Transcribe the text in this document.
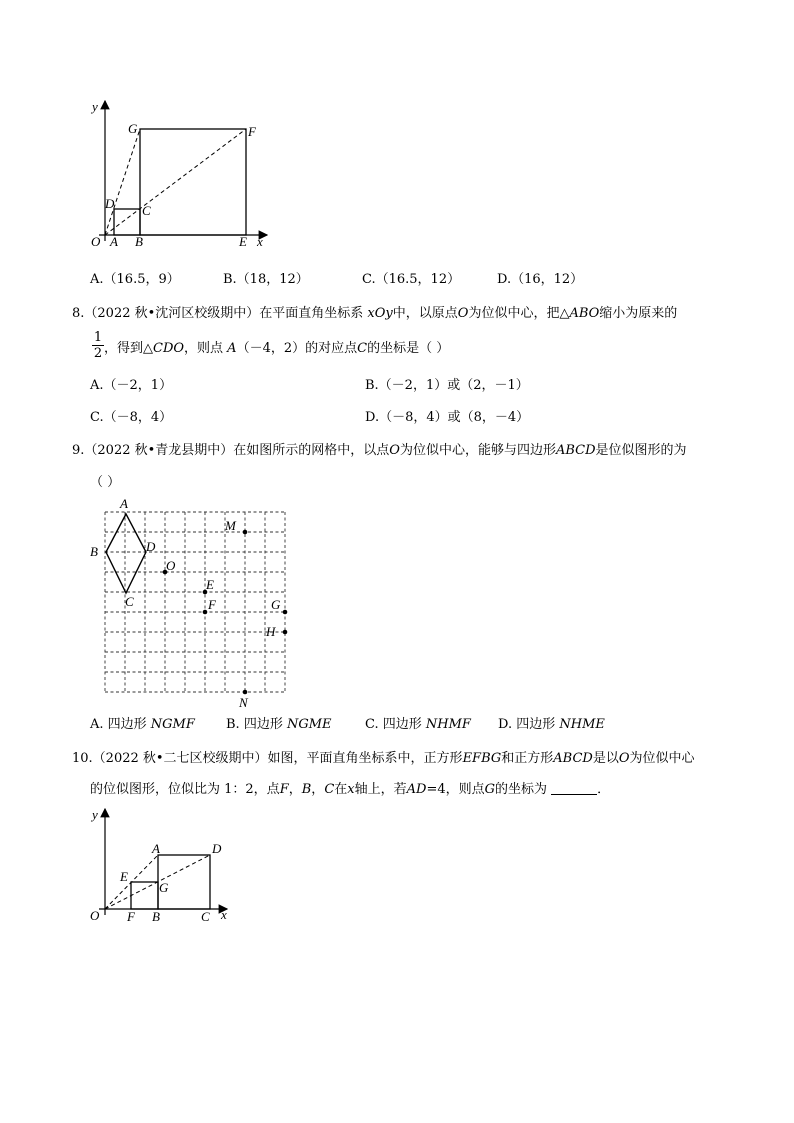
y
x
O A B
C
D
E
F
G
A.（16.5，9）	B.（18，12）	C.（16.5，12）	D.（16，12）
8.（2022 秋•沈河区校级期中）在平面直角坐标系 xOy中，以原点O为位似中心，把△ABO缩小为原来的
1
2 ，得到△CDO，则点 A（－4，2）的对应点C的坐标是（ ）
A.（－2，1）	B.（－2，1）或（2，－1）
C.（－8，4）	D.（－8，4）或（8，－4）
9.（2022 秋•青龙县期中）在如图所示的网格中，以点O为位似中心，能够与四边形ABCD是位似图形的为
（ ）
A
B
C
D
O
M
E
F	G
H
N
A. 四边形 NGMF B. 四边形 NGME	C. 四边形 NHMF D. 四边形 NHME
10.（2022 秋•二七区校级期中）如图，平面直角坐标系中，正方形EFBG和正方形ABCD是以O为位似中心
的位似图形，位似比为 1：2，点F，B，C在x轴上，若AD=4，则点G的坐标为	．
y
x
O F B	C
A	D
E
G
